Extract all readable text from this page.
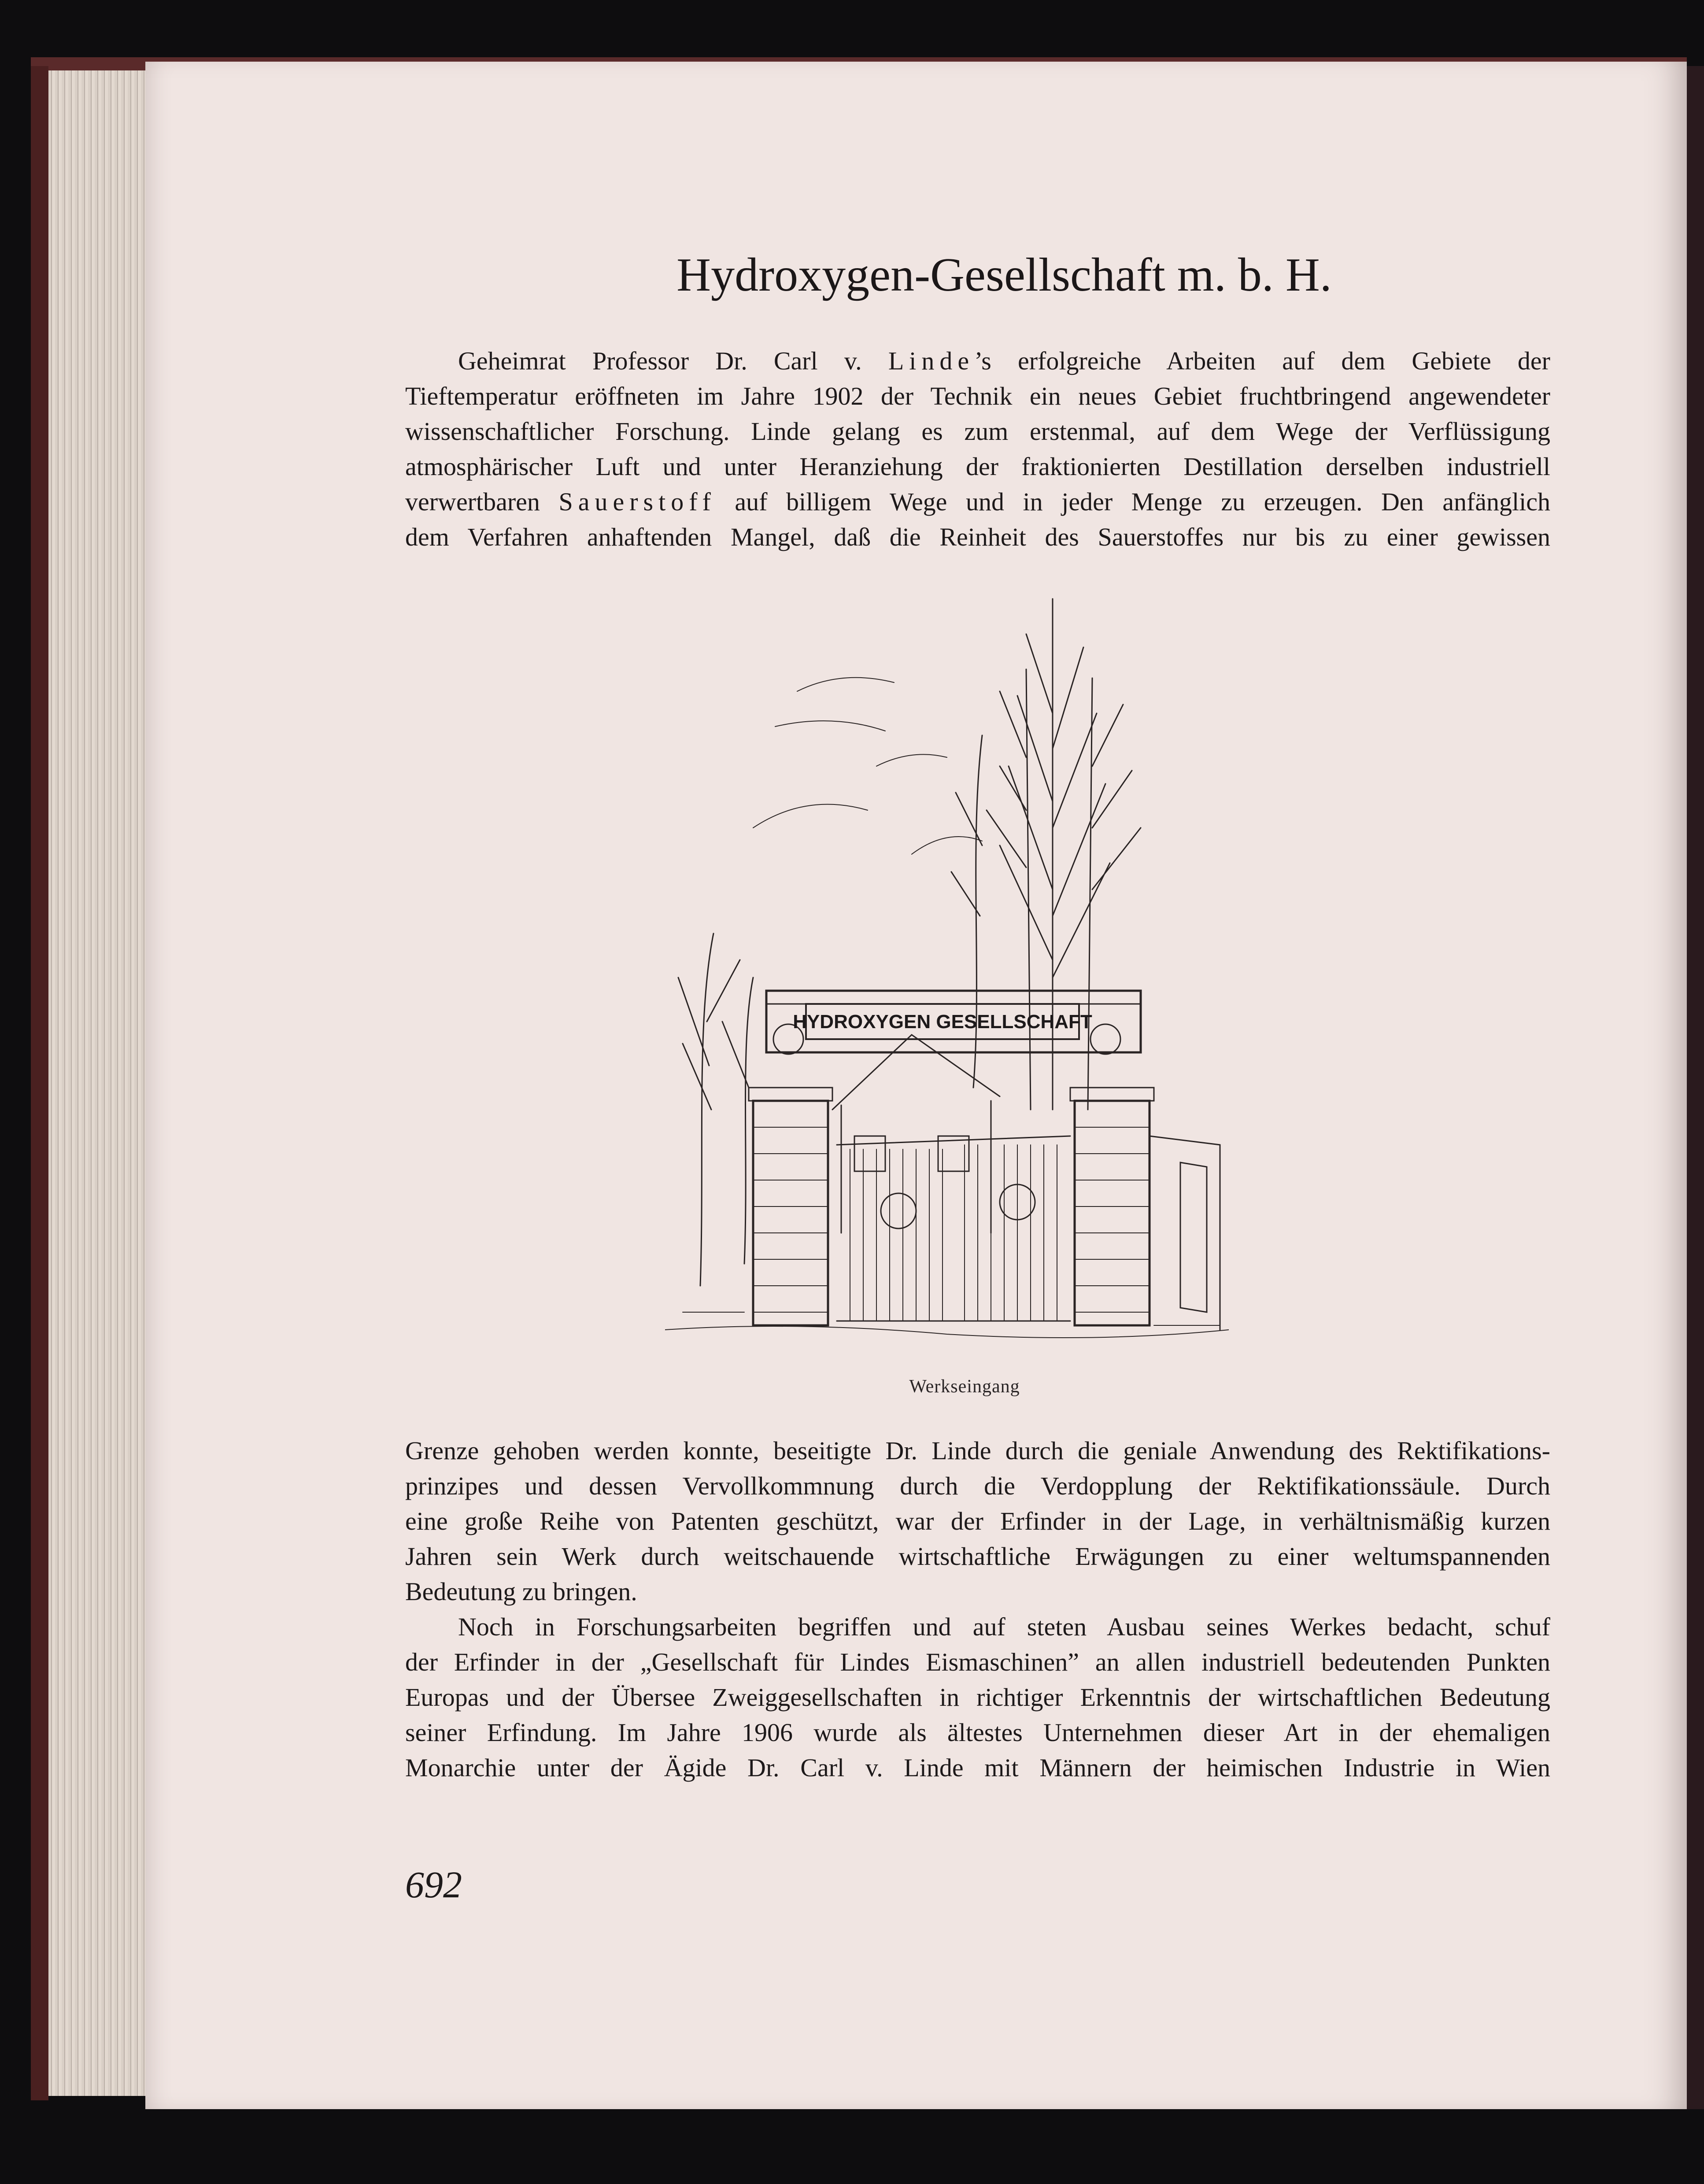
Hydroxygen-Gesellschaft m. b. H.
Geheimrat Professor Dr. Carl v. Linde’s erfolgreiche Arbeiten auf dem Gebiete der
Tieftemperatur eröffneten im Jahre 1902 der Technik ein neues Gebiet fruchtbringend angewendeter
wissenschaftlicher Forschung. Linde gelang es zum erstenmal, auf dem Wege der Verflüssigung
atmosphärischer Luft und unter Heranziehung der fraktionierten Destillation derselben industriell
verwertbaren Sauerstoff auf billigem Wege und in jeder Menge zu erzeugen. Den anfänglich
dem Verfahren anhaftenden Mangel, daß die Reinheit des Sauerstoffes nur bis zu einer gewissen
HYDROXYGEN GESELLSCHAFT
Werkseingang
Grenze gehoben werden konnte, beseitigte Dr. Linde durch die geniale Anwendung des Rektifikations-
prinzipes und dessen Vervollkommnung durch die Verdopplung der Rektifikationssäule. Durch
eine große Reihe von Patenten geschützt, war der Erfinder in der Lage, in verhältnismäßig kurzen
Jahren sein Werk durch weitschauende wirtschaftliche Erwägungen zu einer weltumspannenden
Bedeutung zu bringen.
Noch in Forschungsarbeiten begriffen und auf steten Ausbau seines Werkes bedacht, schuf
der Erfinder in der „Gesellschaft für Lindes Eismaschinen” an allen industriell bedeutenden Punkten
Europas und der Übersee Zweiggesellschaften in richtiger Erkenntnis der wirtschaftlichen Bedeutung
seiner Erfindung. Im Jahre 1906 wurde als ältestes Unternehmen dieser Art in der ehemaligen
Monarchie unter der Ägide Dr. Carl v. Linde mit Männern der heimischen Industrie in Wien
692
